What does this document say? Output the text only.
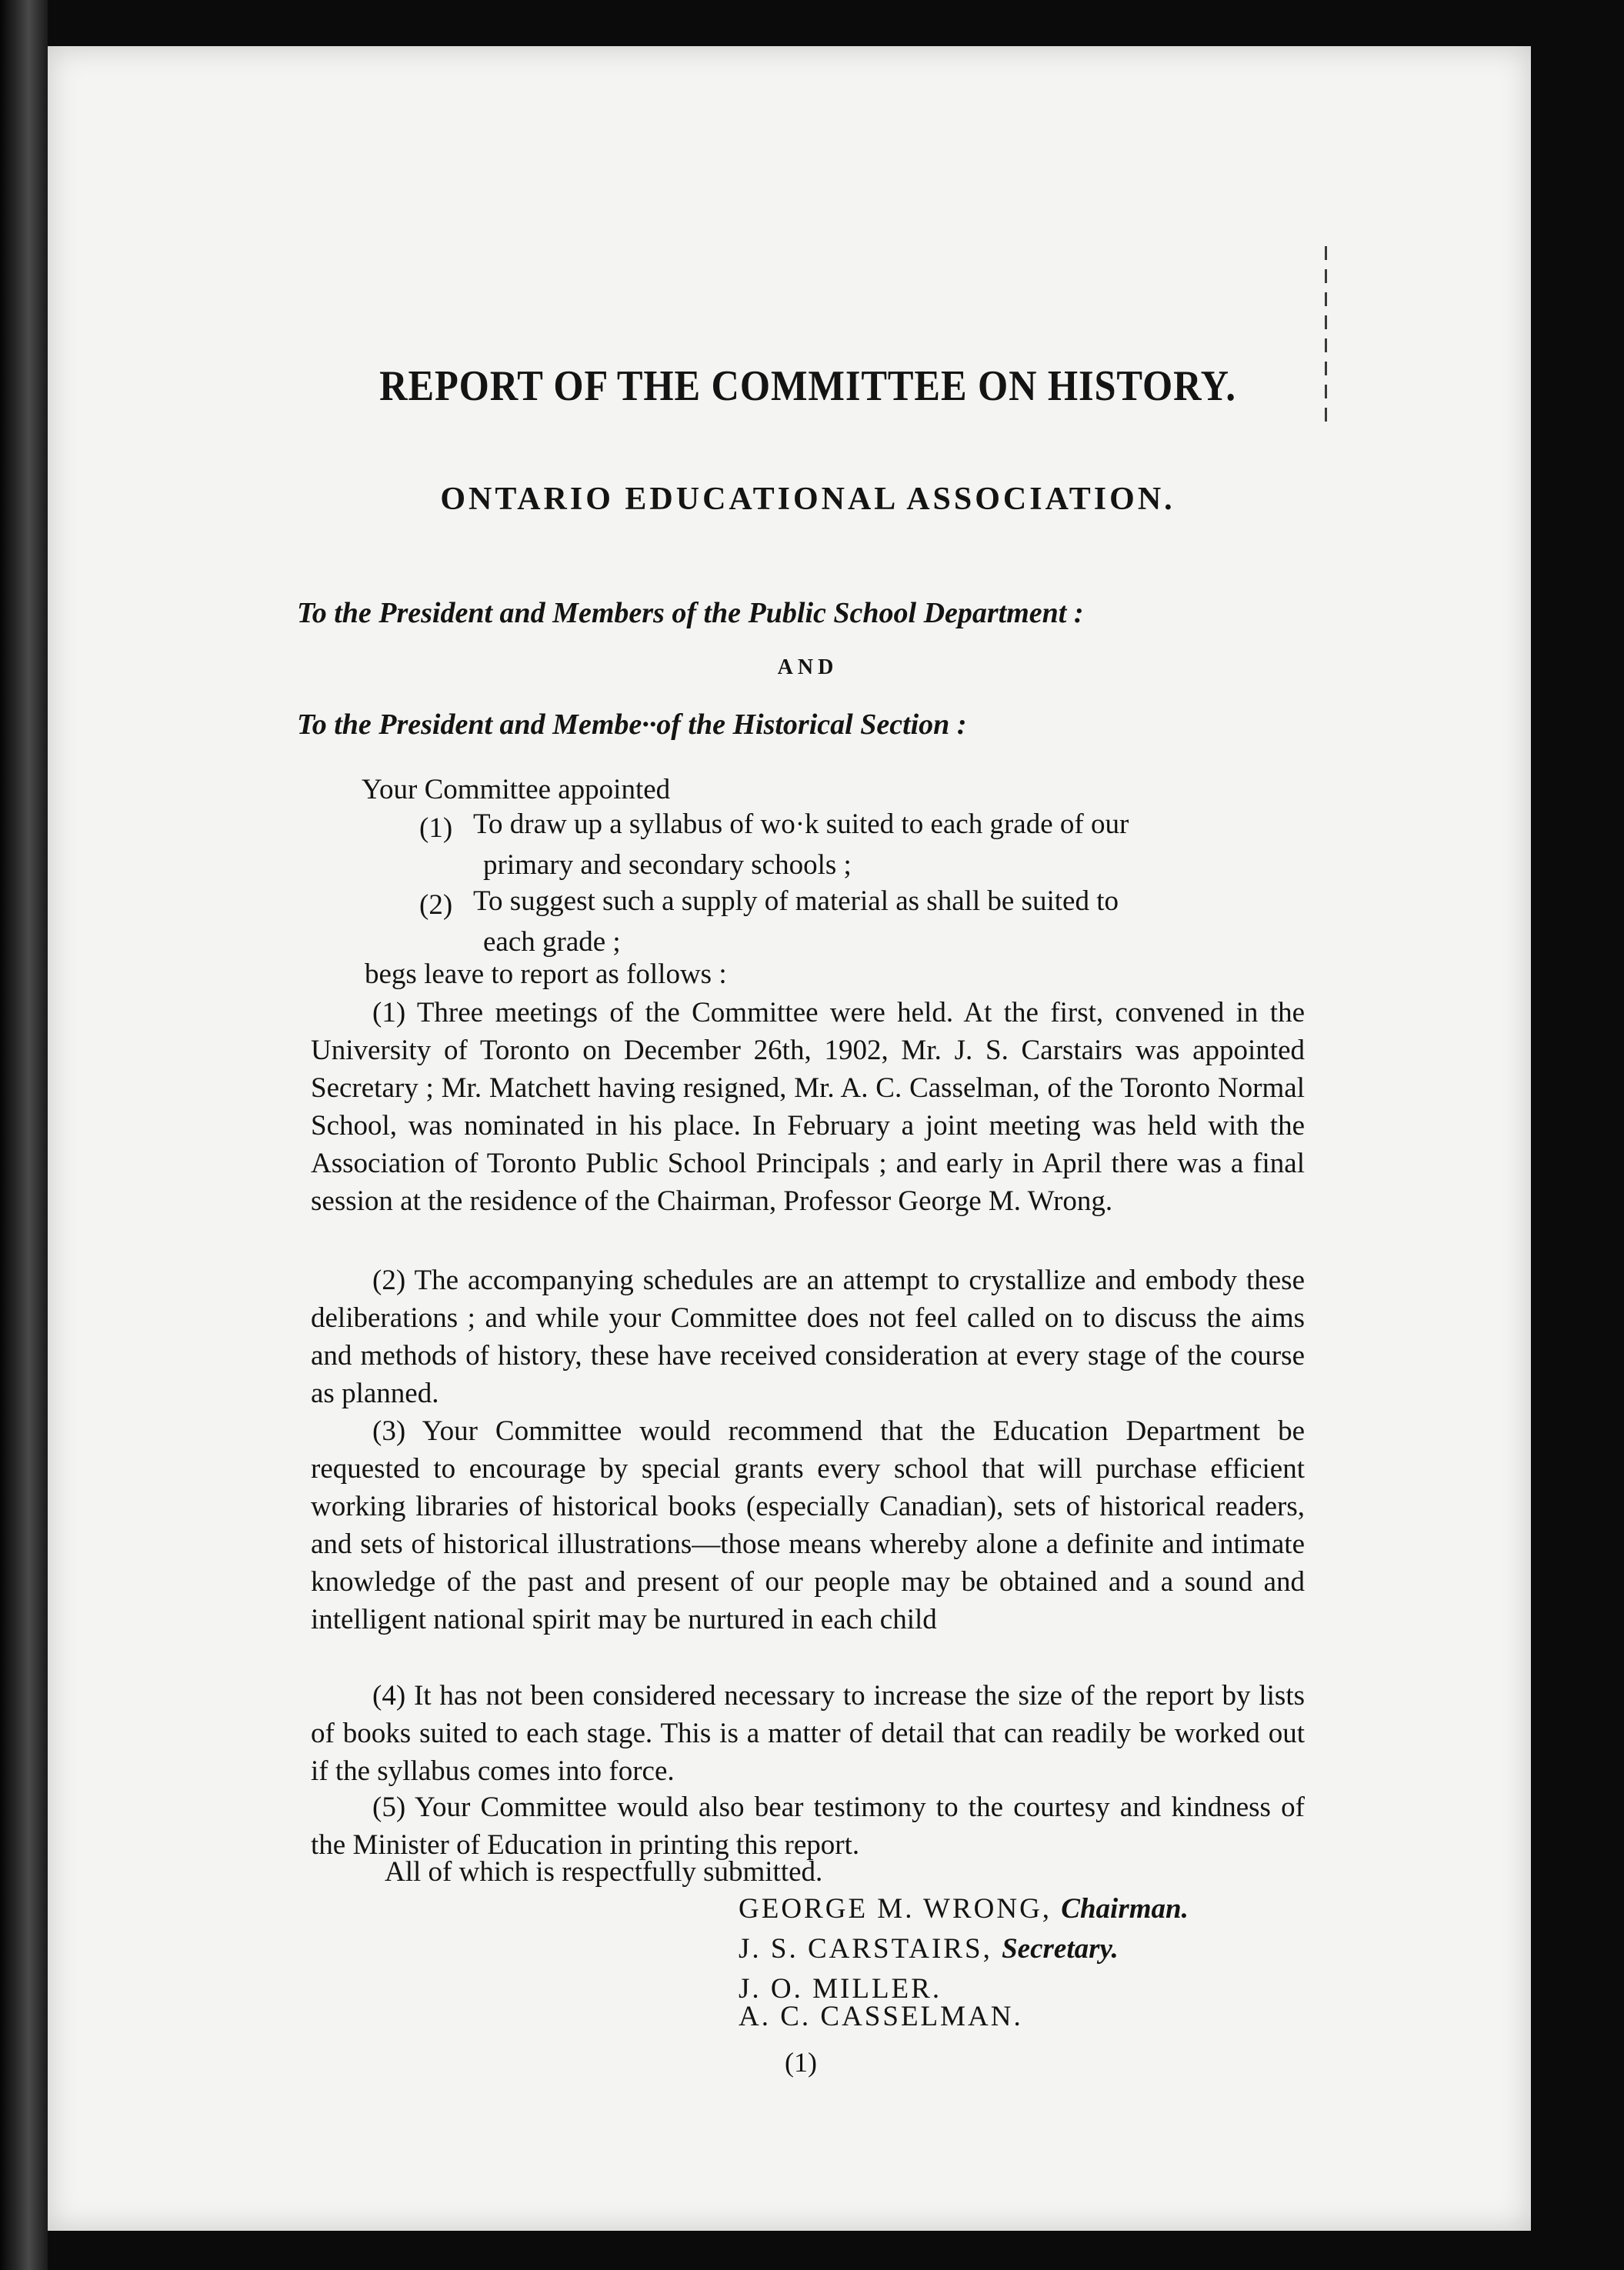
REPORT OF THE COMMITTEE ON HISTORY.
ONTARIO EDUCATIONAL ASSOCIATION.
To the President and Members of the Public School Department :
AND
To the President and Membe··of the Historical Section :
Your Committee appointed
(1) To draw up a syllabus of wo·k suited to each grade of our
primary and secondary schools ;
(2) To suggest such a supply of material as shall be suited to
each grade ;
begs leave to report as follows :
(1) Three meetings of the Committee were held. At the first, convened in the University of Toronto on December 26th, 1902, Mr. J. S. Carstairs was appointed Secretary ; Mr. Matchett having resigned, Mr. A. C. Casselman, of the Toronto Normal School, was nominated in his place. In February a joint meeting was held with the Association of Toronto Public School Principals ; and early in April there was a final session at the residence of the Chairman, Professor George M. Wrong.
(2) The accompanying schedules are an attempt to crystallize and embody these deliberations ; and while your Committee does not feel called on to discuss the aims and methods of history, these have received consideration at every stage of the course as planned.
(3) Your Committee would recommend that the Education Department be requested to encourage by special grants every school that will purchase efficient working libraries of historical books (especially Canadian), sets of historical readers, and sets of historical illustrations—those means whereby alone a definite and intimate knowledge of the past and present of our people may be obtained and a sound and intelligent national spirit may be nurtured in each child
(4) It has not been considered necessary to increase the size of the report by lists of books suited to each stage. This is a matter of detail that can readily be worked out if the syllabus comes into force.
(5) Your Committee would also bear testimony to the courtesy and kindness of the Minister of Education in printing this report.
All of which is respectfully submitted.
GEORGE M. WRONG, Chairman.
J. S. CARSTAIRS, Secretary.
J. O. MILLER.
A. C. CASSELMAN.
(1)
